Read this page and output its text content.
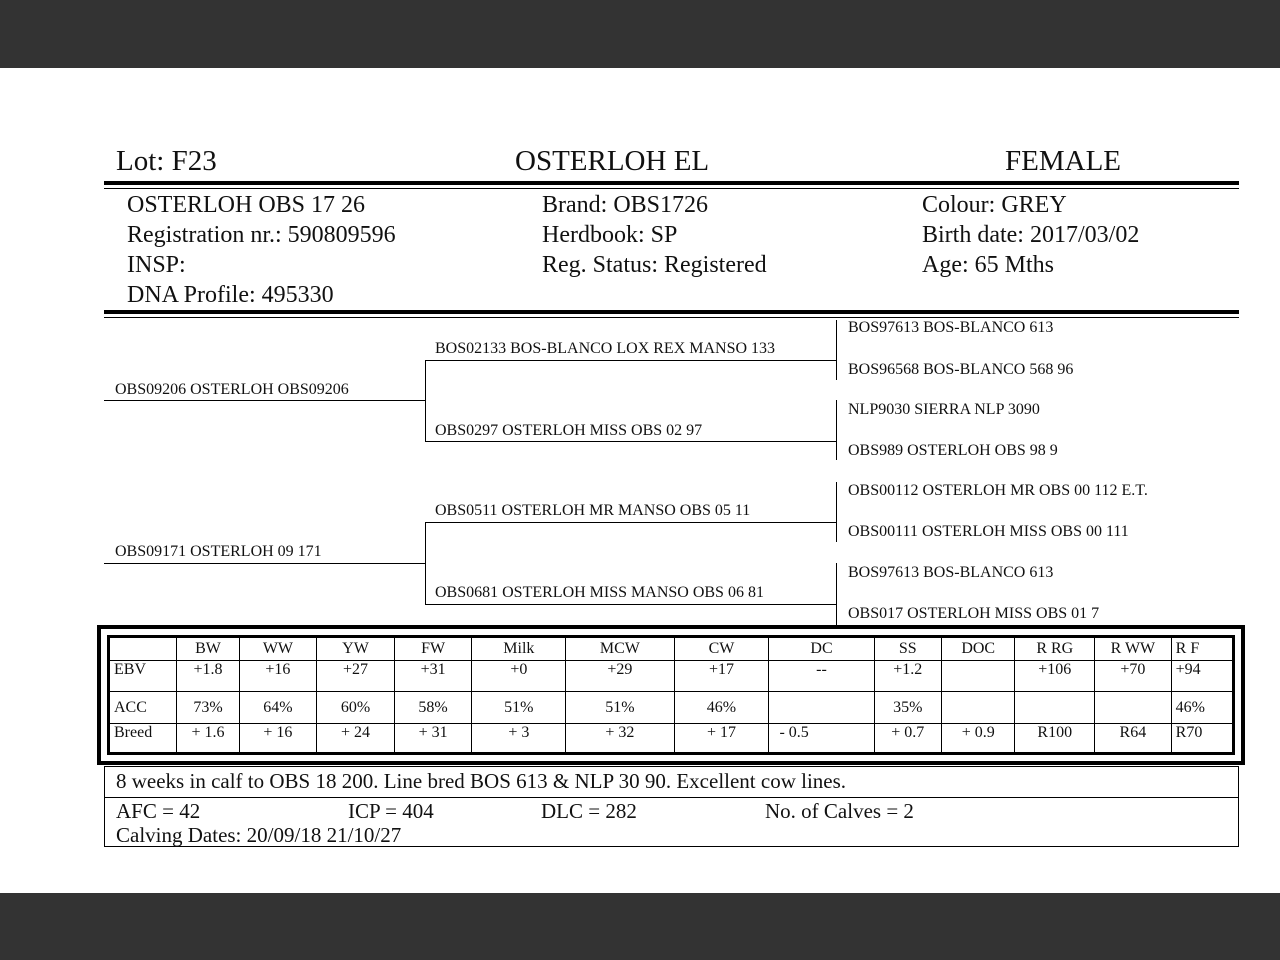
Lot: F23	OSTERLOH EL	FEMALE
OSTERLOH OBS 17 26
Registration nr.: 590809596
INSP:
DNA Profile: 495330
Brand: OBS1726
Herdbook: SP
Reg. Status: Registered
Colour: GREY
Birth date: 2017/03/02
Age: 65 Mths
OBS09206 OSTERLOH OBS09206
BOS02133 BOS-BLANCO LOX REX MANSO 133
OBS0297 OSTERLOH MISS OBS 02 97
OBS09171 OSTERLOH 09 171
OBS0511 OSTERLOH MR MANSO OBS 05 11
OBS0681 OSTERLOH MISS MANSO OBS 06 81
BOS97613 BOS-BLANCO 613
BOS96568 BOS-BLANCO 568 96
NLP9030 SIERRA NLP 3090
OBS989 OSTERLOH OBS 98 9
OBS00112 OSTERLOH MR OBS 00 112 E.T.
OBS00111 OSTERLOH MISS OBS 00 111
BOS97613 BOS-BLANCO 613
OBS017 OSTERLOH MISS OBS 01 7
	BW	WW	YW	FW	Milk	MCW	CW	DC	SS	DOC	R RG	R WW	R F
EBV	+1.8	+16	+27	+31	+0	+29	+17	--	+1.2		+106	+70	+94
ACC	73%	64%	60%	58%	51%	51%	46%		35%				46%
Breed	+ 1.6	+ 16	+ 24	+ 31	+ 3	+ 32	+ 17	- 0.5	+ 0.7	+ 0.9	R100	R64	R70
8 weeks in calf to OBS 18 200. Line bred BOS 613 & NLP 30 90. Excellent cow lines.
AFC = 42	ICP = 404	DLC = 282	No. of Calves = 2
Calving Dates: 20/09/18 21/10/27
